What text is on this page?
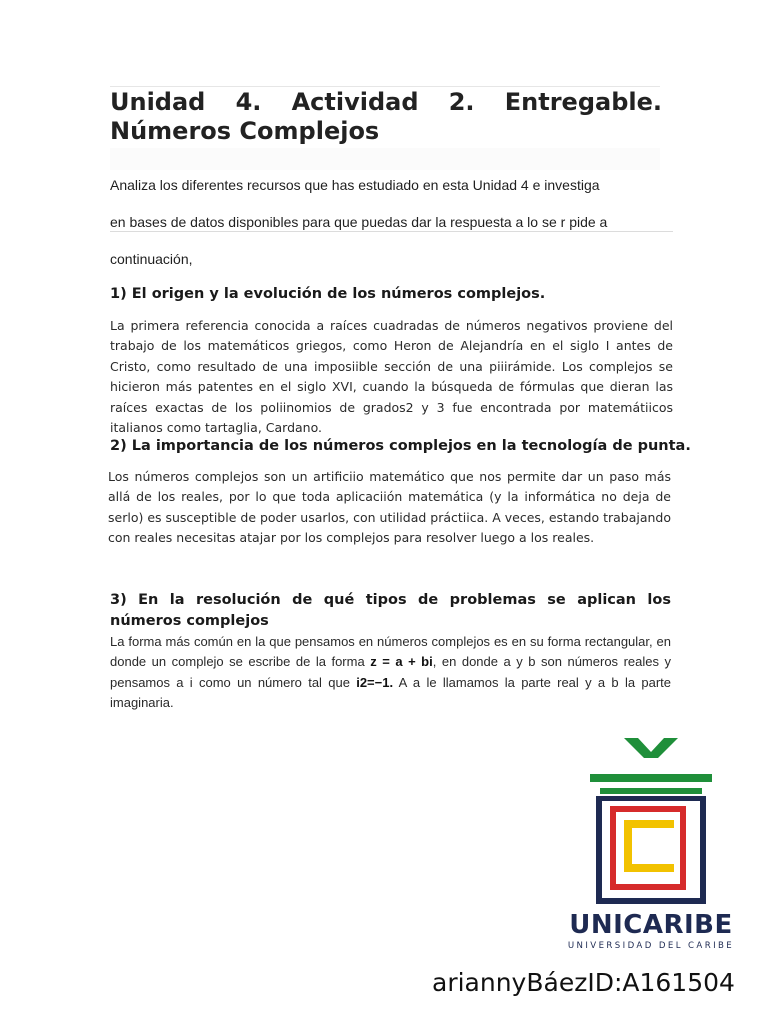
Unidad 4. Actividad 2. Entregable. Números Complejos
Analiza los diferentes recursos que has estudiado en esta Unidad 4 e investiga
en bases de datos disponibles para que puedas dar la respuesta a lo se r pide a
continuación,
1) El origen y la evolución de los números complejos.

La primera referencia conocida a raíces cuadradas de números negativos proviene del trabajo de los matemáticos griegos, como Heron de Alejandría en el siglo I antes de Cristo, como resultado de una imposiible sección de una piiirámide. Los complejos se hicieron más patentes en el siglo XVI, cuando la búsqueda de fórmulas que dieran las raíces exactas de los poliinomios de grados2 y 3 fue encontrada por matemátiicos italianos como tartaglia, Cardano.

2) La importancia de los números complejos en la tecnología de punta.

Los números complejos son un artificiio matemático que nos permite dar un paso más allá de los reales, por lo que toda aplicaciión matemática (y la informática no deja de serlo) es susceptible de poder usarlos, con utilidad práctiica. A veces, estando trabajando con reales necesitas atajar por los complejos para resolver luego a los reales.

3) En la resolución de qué tipos de problemas se aplican los números complejos

La forma más común en la que pensamos en números complejos es en su forma rectangular, en donde un complejo se escribe de la forma z = a + bi, en donde a y b son números reales y pensamos a i como un número tal que i2=−1. A a le llamamos la parte real y a b la parte imaginaria.

UNICARIBE
UNIVERSIDAD DEL CARIBE
ariannyBáezID:A161504
